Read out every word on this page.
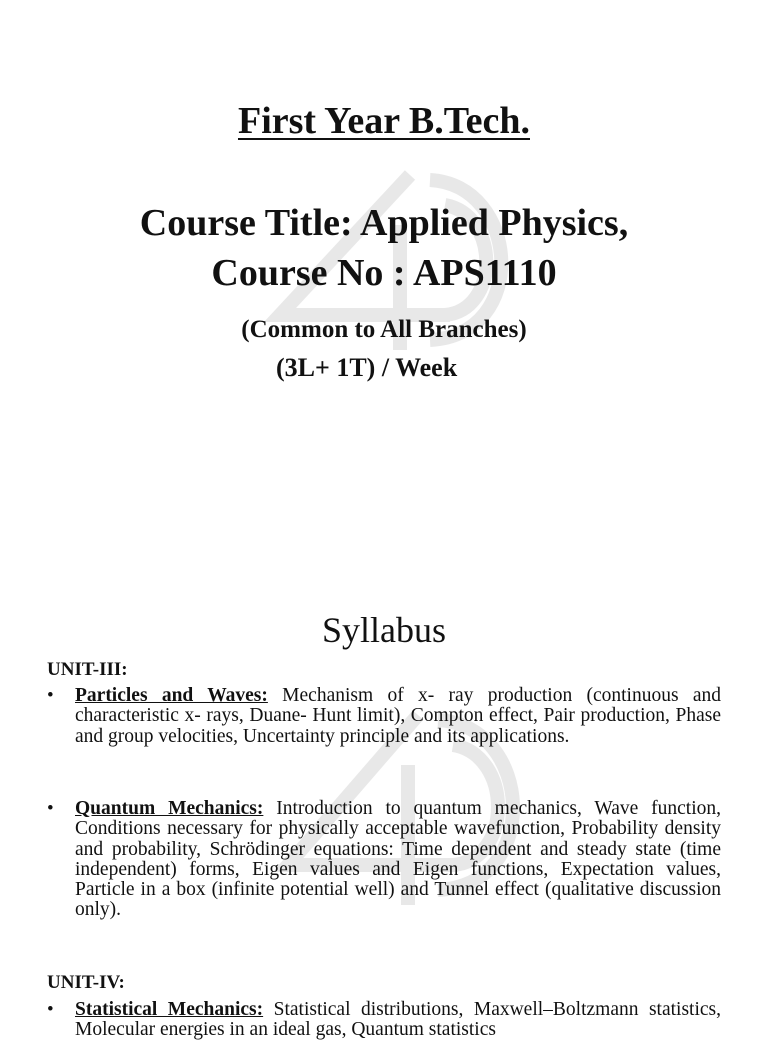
First Year B.Tech.
Course Title: Applied Physics,
Course No : APS1110

(Common to All Branches)

(3L+ 1T) / Week

Syllabus

UNIT-III:

• Particles and Waves: Mechanism of x- ray production (continuous and characteristic x- rays, Duane- Hunt limit), Compton effect, Pair production, Phase and group velocities, Uncertainty principle and its applications.

• Quantum Mechanics: Introduction to quantum mechanics, Wave function, Conditions necessary for physically acceptable wavefunction, Probability density and probability, Schrödinger equations: Time dependent and steady state (time independent) forms, Eigen values and Eigen functions, Expectation values, Particle in a box (infinite potential well) and Tunnel effect (qualitative discussion only).

UNIT-IV:

• Statistical Mechanics: Statistical distributions, Maxwell–Boltzmann statistics, Molecular energies in an ideal gas, Quantum statistics
